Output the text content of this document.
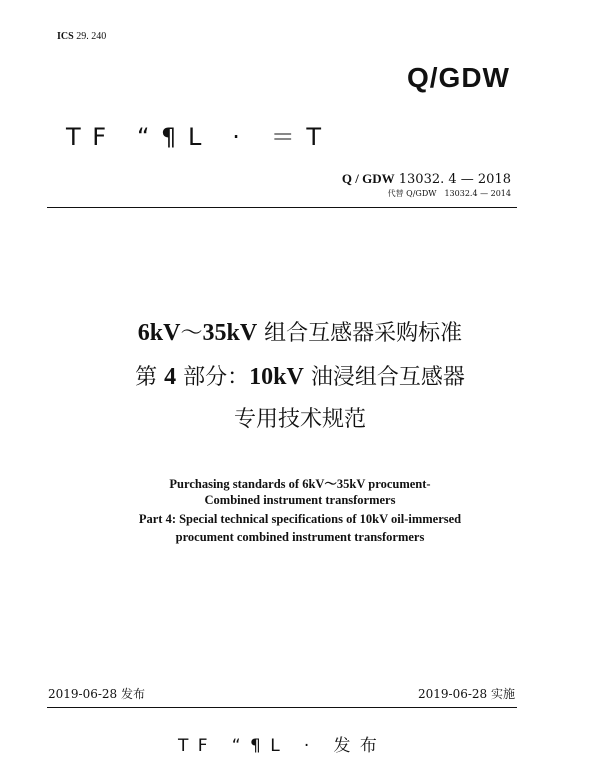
ICS 29. 240
Q/GDW
T F   “ ¶ L   ·   ＝ T
Q / GDW 13032. 4 — 2018
代替 Q/GDW　13032.4 — 2014
6kV～35kV 组合互感器采购标准
第 4 部分：10kV 油浸组合互感器
专用技术规范
Purchasing standards of 6kV～35kV procument-
Combined instrument transformers
Part 4: Special technical specifications of 10kV oil-immersed
procument combined instrument transformers
2019-06-28 发布	2019-06-28 实施
T F   “ ¶ L   ·   发 布
